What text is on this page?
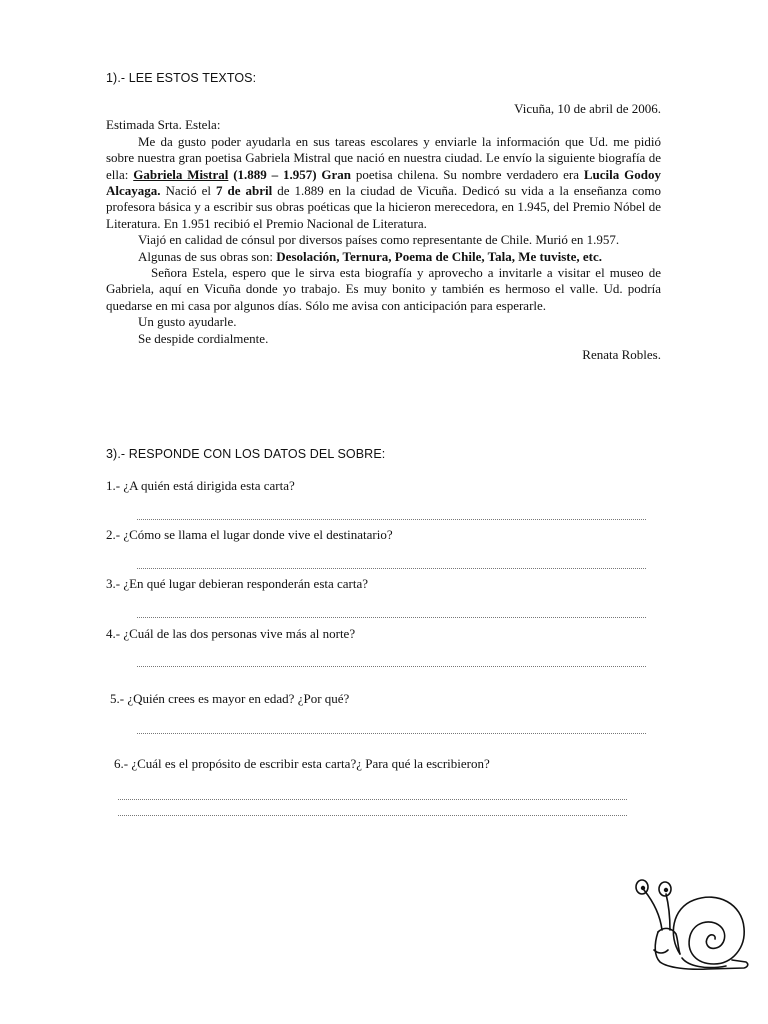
1).- LEE ESTOS TEXTOS:
Vicuña, 10 de abril de 2006.
Estimada Srta. Estela:
Me da gusto poder ayudarla en sus tareas escolares y enviarle la información que Ud. me pidió sobre nuestra gran poetisa Gabriela Mistral que nació en nuestra ciudad. Le envío la siguiente biografía de ella: Gabriela Mistral (1.889 – 1.957) Gran poetisa chilena. Su nombre verdadero era Lucila Godoy Alcayaga. Nació el 7 de abril de 1.889 en la ciudad de Vicuña. Dedicó su vida a la enseñanza como profesora básica y a escribir sus obras poéticas que la hicieron merecedora, en 1.945, del Premio Nóbel de Literatura. En 1.951 recibió el Premio Nacional de Literatura.
Viajó en calidad de cónsul por diversos países como representante de Chile. Murió en 1.957.
Algunas de sus obras son: Desolación, Ternura, Poema de Chile, Tala, Me tuviste, etc.
Señora Estela, espero que le sirva esta biografía y aprovecho a invitarle a visitar el museo de Gabriela, aquí en Vicuña donde yo trabajo. Es muy bonito y también es hermoso el valle. Ud. podría quedarse en mi casa por algunos días. Sólo me avisa con anticipación para esperarle.
Un gusto ayudarle.
Se despide cordialmente.
Renata Robles.
3).- RESPONDE CON LOS DATOS DEL SOBRE:
1.- ¿A quién está dirigida esta carta?
2.- ¿Cómo se llama el lugar donde vive el destinatario?
3.- ¿En qué lugar debieran responderán esta carta?
4.- ¿Cuál de las dos personas vive más al norte?
5.- ¿Quién crees es mayor en edad? ¿Por qué?
6.- ¿Cuál es el propósito de escribir esta carta?¿ Para qué la escribieron?
